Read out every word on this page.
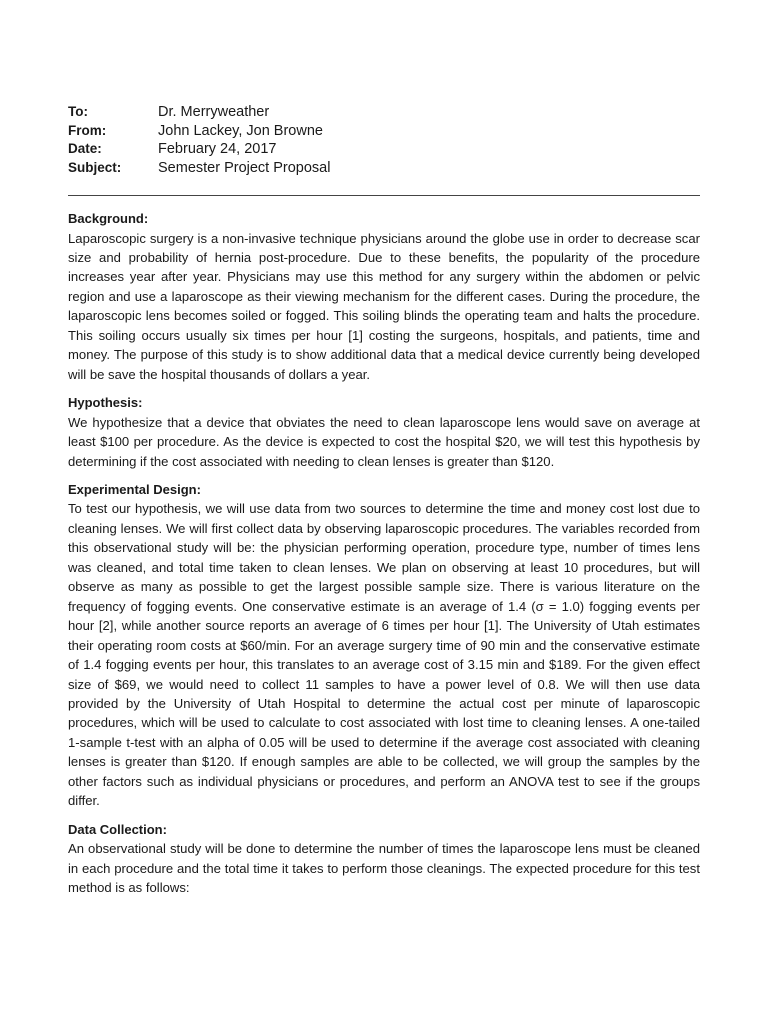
To:	Dr. Merryweather
From:	John Lackey, Jon Browne
Date:	February 24, 2017
Subject:	Semester Project Proposal
Background:

Laparoscopic surgery is a non-invasive technique physicians around the globe use in order to decrease scar size and probability of hernia post-procedure. Due to these benefits, the popularity of the procedure increases year after year. Physicians may use this method for any surgery within the abdomen or pelvic region and use a laparoscope as their viewing mechanism for the different cases. During the procedure, the laparoscopic lens becomes soiled or fogged. This soiling blinds the operating team and halts the procedure. This soiling occurs usually six times per hour [1] costing the surgeons, hospitals, and patients, time and money. The purpose of this study is to show additional data that a medical device currently being developed will be save the hospital thousands of dollars a year.

Hypothesis:

We hypothesize that a device that obviates the need to clean laparoscope lens would save on average at least $100 per procedure. As the device is expected to cost the hospital $20, we will test this hypothesis by determining if the cost associated with needing to clean lenses is greater than $120.

Experimental Design:

To test our hypothesis, we will use data from two sources to determine the time and money cost lost due to cleaning lenses. We will first collect data by observing laparoscopic procedures. The variables recorded from this observational study will be: the physician performing operation, procedure type, number of times lens was cleaned, and total time taken to clean lenses. We plan on observing at least 10 procedures, but will observe as many as possible to get the largest possible sample size. There is various literature on the frequency of fogging events. One conservative estimate is an average of 1.4 (σ = 1.0) fogging events per hour [2], while another source reports an average of 6 times per hour [1]. The University of Utah estimates their operating room costs at $60/min. For an average surgery time of 90 min and the conservative estimate of 1.4 fogging events per hour, this translates to an average cost of 3.15 min and $189. For the given effect size of $69, we would need to collect 11 samples to have a power level of 0.8. We will then use data provided by the University of Utah Hospital to determine the actual cost per minute of laparoscopic procedures, which will be used to calculate to cost associated with lost time to cleaning lenses. A one-tailed 1-sample t-test with an alpha of 0.05 will be used to determine if the average cost associated with cleaning lenses is greater than $120. If enough samples are able to be collected, we will group the samples by the other factors such as individual physicians or procedures, and perform an ANOVA test to see if the groups differ.

Data Collection:

An observational study will be done to determine the number of times the laparoscope lens must be cleaned in each procedure and the total time it takes to perform those cleanings. The expected procedure for this test method is as follows:
